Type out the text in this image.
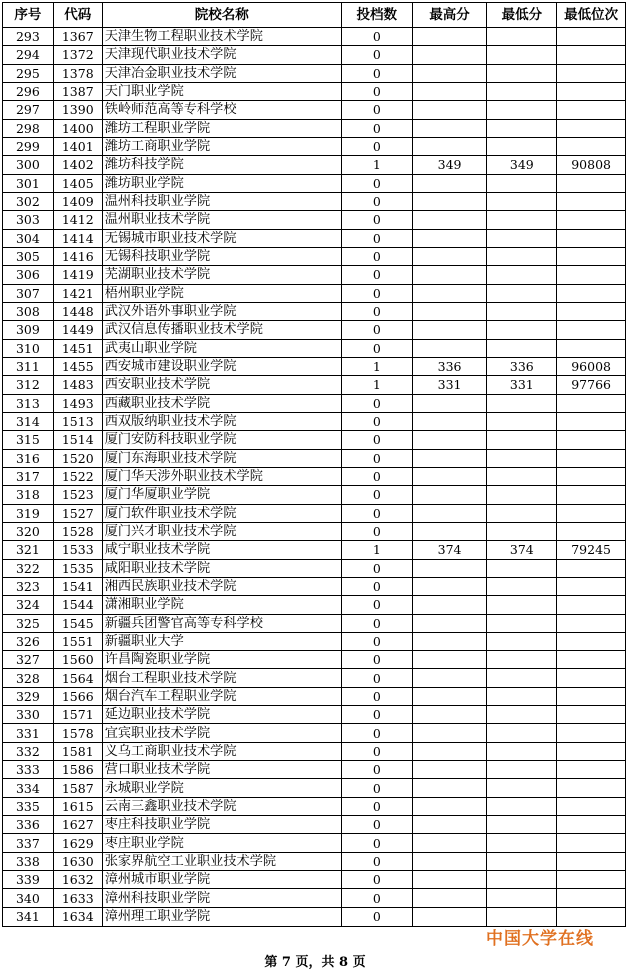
序号	代码	院校名称	投档数	最高分	最低分	最低位次
293	1367 天津生物工程职业技术学院	0
294	1372 天津现代职业技术学院	0
295	1378 天津冶金职业技术学院	0
296	1387 天门职业学院	0
297	1390 铁岭师范高等专科学校	0
298	1400 潍坊工程职业学院	0
299	1401 潍坊工商职业学院	0
300	1402 潍坊科技学院	1	349	349	90808
301	1405 潍坊职业学院	0
302	1409 温州科技职业学院	0
303	1412 温州职业技术学院	0
304	1414 无锡城市职业技术学院	0
305	1416 无锡科技职业学院	0
306	1419 芜湖职业技术学院	0
307	1421 梧州职业学院	0
308	1448 武汉外语外事职业学院	0
309	1449 武汉信息传播职业技术学院	0
310	1451 武夷山职业学院	0
311	1455 西安城市建设职业学院	1	336	336	96008
312	1483 西安职业技术学院	1	331	331	97766
313	1493 西藏职业技术学院	0
314	1513 西双版纳职业技术学院	0
315	1514 厦门安防科技职业学院	0
316	1520 厦门东海职业技术学院	0
317	1522 厦门华天涉外职业技术学院	0
318	1523 厦门华厦职业学院	0
319	1527 厦门软件职业技术学院	0
320	1528 厦门兴才职业技术学院	0
321	1533 咸宁职业技术学院	1	374	374	79245
322	1535 咸阳职业技术学院	0
323	1541 湘西民族职业技术学院	0
324	1544 潇湘职业学院	0
325	1545 新疆兵团警官高等专科学校	0
326	1551 新疆职业大学	0
327	1560 许昌陶瓷职业学院	0
328	1564 烟台工程职业技术学院	0
329	1566 烟台汽车工程职业学院	0
330	1571 延边职业技术学院	0
331	1578 宜宾职业技术学院	0
332	1581 义乌工商职业技术学院	0
333	1586 营口职业技术学院	0
334	1587 永城职业学院	0
335	1615 云南三鑫职业技术学院	0
336	1627 枣庄科技职业学院	0
337	1629 枣庄职业学院	0
338	1630 张家界航空工业职业技术学院	0
339	1632 漳州城市职业学院	0
340	1633 漳州科技职业学院	0
341	1634 漳州理工职业学院	0
第 7 页，共 8 页
中国大学在线
